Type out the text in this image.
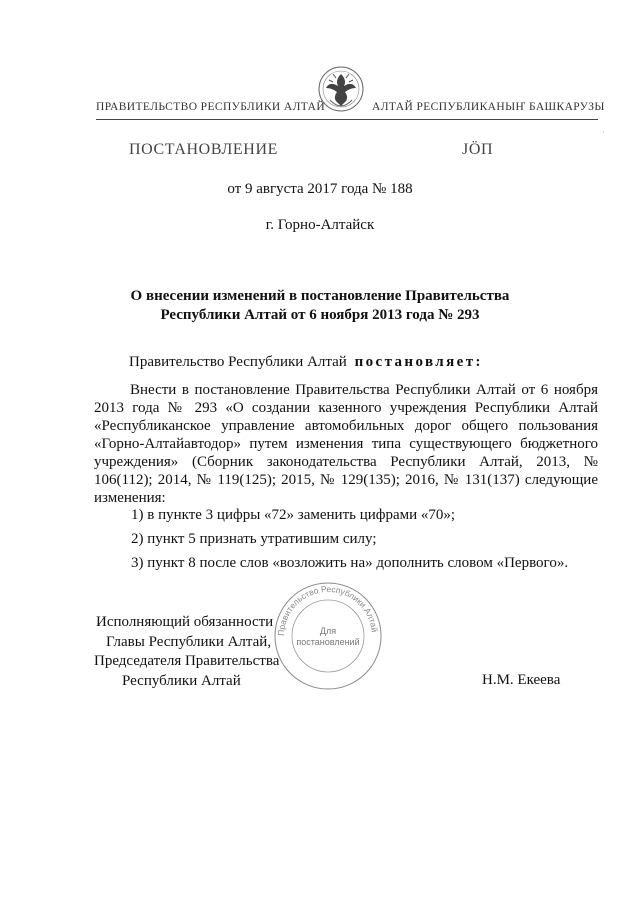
ПРАВИТЕЛЬСТВО РЕСПУБЛИКИ АЛТАЙ	АЛТАЙ РЕСПУБЛИКАНЫҤ БАШКАРУЗЫ
ПОСТАНОВЛЕНИЕ	ЈÖП
·
от 9 августа 2017 года № 188
г. Горно-Алтайск
О внесении изменений в постановление Правительства
Республики Алтай от 6 ноября 2013 года № 293
Правительство Республики Алтай постановляет:
Внести в постановление Правительства Республики Алтай от 6 ноября 2013 года № 293 «О создании казенного учреждения Республики Алтай «Республиканское управление автомобильных дорог общего пользования «Горно-Алтайавтодор» путем изменения типа существующего бюджетного учреждения» (Сборник законодательства Республики Алтай, 2013, № 106(112); 2014, № 119(125); 2015, № 129(135); 2016, № 131(137) следующие изменения:
1) в пункте 3 цифры «72» заменить цифрами «70»;
2) пункт 5 признать утратившим силу;
3) пункт 8 после слов «возложить на» дополнить словом «Первого».
Правительство Республики Алтай
Для
постановлений
Исполняющий обязанности
Главы Республики Алтай,
Председателя Правительства
Республики Алтай	Н.М. Екеева
